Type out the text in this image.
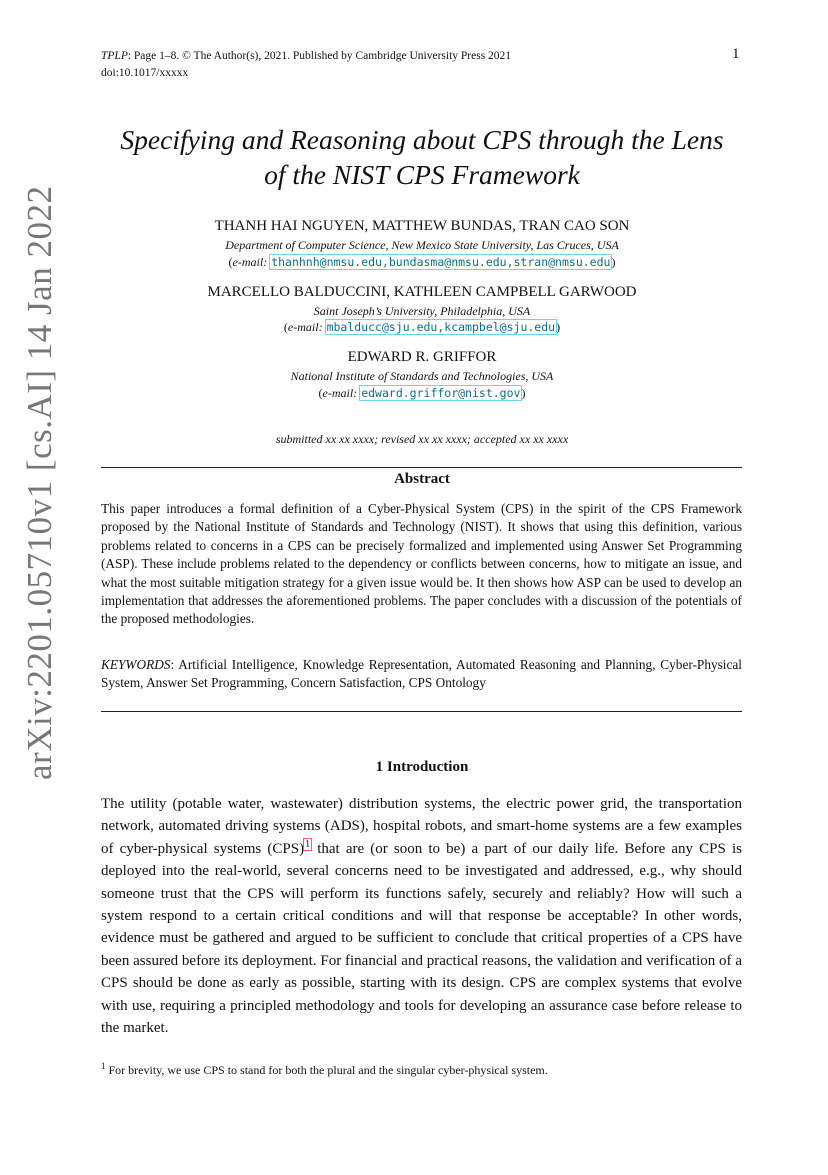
TPLP: Page 1–8. © The Author(s), 2021. Published by Cambridge University Press 2021
doi:10.1017/xxxxx
1
arXiv:2201.05710v1 [cs.AI] 14 Jan 2022
Specifying and Reasoning about CPS through the Lens
of the NIST CPS Framework
THANH HAI NGUYEN, MATTHEW BUNDAS, TRAN CAO SON
Department of Computer Science, New Mexico State University, Las Cruces, USA
(e-mail: thanhnh@nmsu.edu,bundasma@nmsu.edu,stran@nmsu.edu)
MARCELLO BALDUCCINI, KATHLEEN CAMPBELL GARWOOD
Saint Joseph’s University, Philadelphia, USA
(e-mail: mbalducc@sju.edu,kcampbel@sju.edu)
EDWARD R. GRIFFOR
National Institute of Standards and Technologies, USA
(e-mail: edward.griffor@nist.gov)
submitted xx xx xxxx; revised xx xx xxxx; accepted xx xx xxxx
Abstract
This paper introduces a formal definition of a Cyber-Physical System (CPS) in the spirit of the CPS Framework proposed by the National Institute of Standards and Technology (NIST). It shows that using this definition, various problems related to concerns in a CPS can be precisely formalized and implemented using Answer Set Programming (ASP). These include problems related to the dependency or conflicts between concerns, how to mitigate an issue, and what the most suitable mitigation strategy for a given issue would be. It then shows how ASP can be used to develop an implementation that addresses the aforementioned problems. The paper concludes with a discussion of the potentials of the proposed methodologies.
KEYWORDS: Artificial Intelligence, Knowledge Representation, Automated Reasoning and Planning, Cyber-Physical System, Answer Set Programming, Concern Satisfaction, CPS Ontology
1 Introduction
The utility (potable water, wastewater) distribution systems, the electric power grid, the transportation network, automated driving systems (ADS), hospital robots, and smart-home systems are a few examples of cyber-physical systems (CPS)$^1$ that are (or soon to be) a part of our daily life. Before any CPS is deployed into the real-world, several concerns need to be investigated and addressed, e.g., why should someone trust that the CPS will perform its functions safely, securely and reliably? How will such a system respond to a certain critical conditions and will that response be acceptable? In other words, evidence must be gathered and argued to be sufficient to conclude that critical properties of a CPS have been assured before its deployment. For financial and practical reasons, the validation and verification of a CPS should be done as early as possible, starting with its design. CPS are complex systems that evolve with use, requiring a principled methodology and tools for developing an assurance case before release to the market.
$^1$ For brevity, we use CPS to stand for both the plural and the singular cyber-physical system.
